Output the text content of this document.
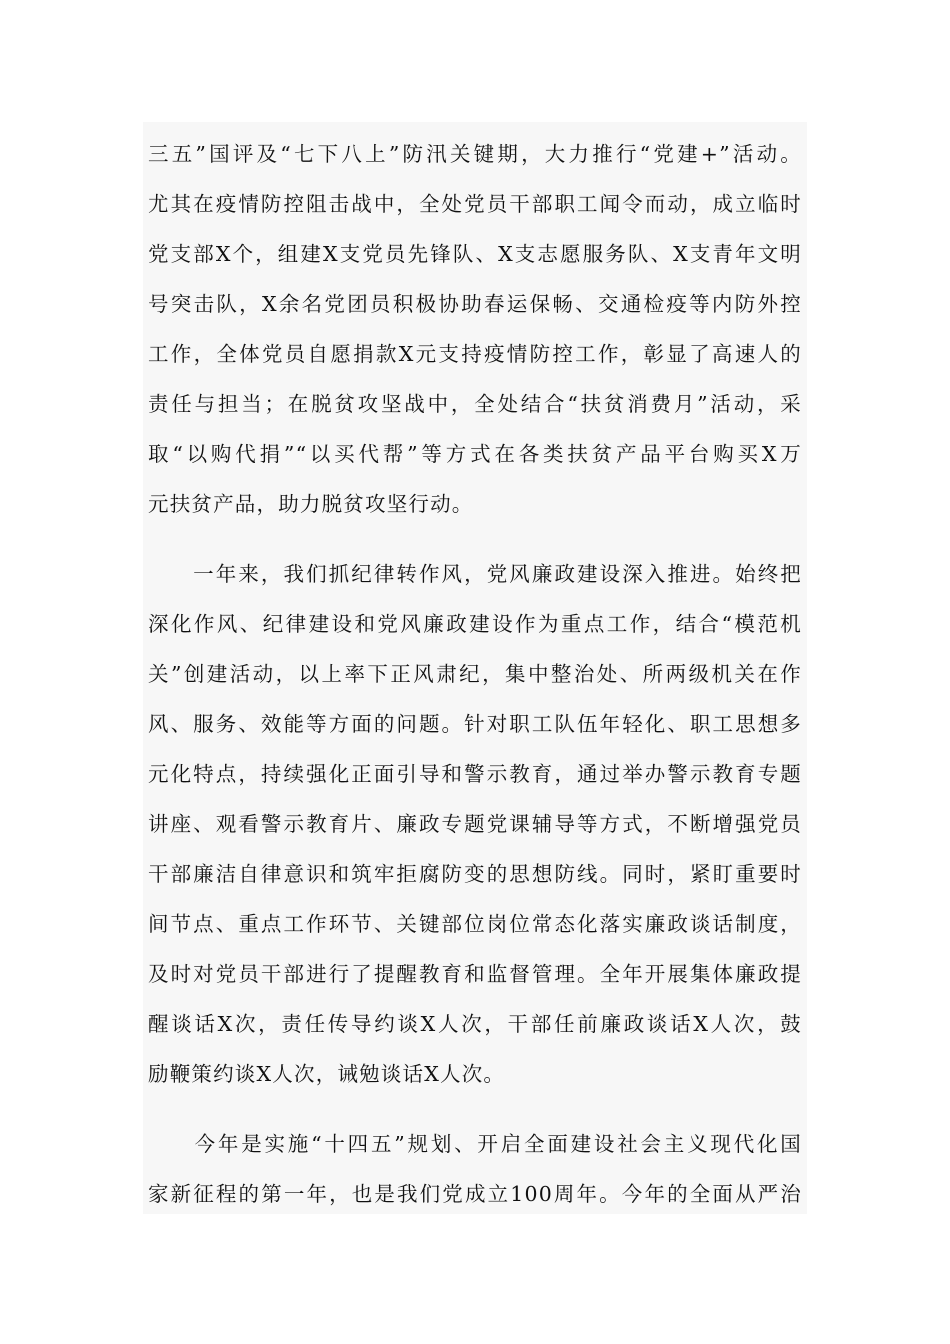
三五”国评及“七下八上”防汛关键期，大力推行“党建+”活动。
尤其在疫情防控阻击战中，全处党员干部职工闻令而动，成立临时
党支部X个，组建X支党员先锋队、X支志愿服务队、X支青年文明
号突击队，X余名党团员积极协助春运保畅、交通检疫等内防外控
工作，全体党员自愿捐款X元支持疫情防控工作，彰显了高速人的
责任与担当；在脱贫攻坚战中，全处结合“扶贫消费月”活动，采
取“以购代捐”“以买代帮”等方式在各类扶贫产品平台购买X万
元扶贫产品，助力脱贫攻坚行动。
　　一年来，我们抓纪律转作风，党风廉政建设深入推进。始终把
深化作风、纪律建设和党风廉政建设作为重点工作，结合“模范机
关”创建活动，以上率下正风肃纪，集中整治处、所两级机关在作
风、服务、效能等方面的问题。针对职工队伍年轻化、职工思想多
元化特点，持续强化正面引导和警示教育，通过举办警示教育专题
讲座、观看警示教育片、廉政专题党课辅导等方式，不断增强党员
干部廉洁自律意识和筑牢拒腐防变的思想防线。同时，紧盯重要时
间节点、重点工作环节、关键部位岗位常态化落实廉政谈话制度，
及时对党员干部进行了提醒教育和监督管理。全年开展集体廉政提
醒谈话X次，责任传导约谈X人次，干部任前廉政谈话X人次，鼓
励鞭策约谈X人次，诫勉谈话X人次。
　　今年是实施“十四五”规划、开启全面建设社会主义现代化国
家新征程的第一年，也是我们党成立100周年。今年的全面从严治
